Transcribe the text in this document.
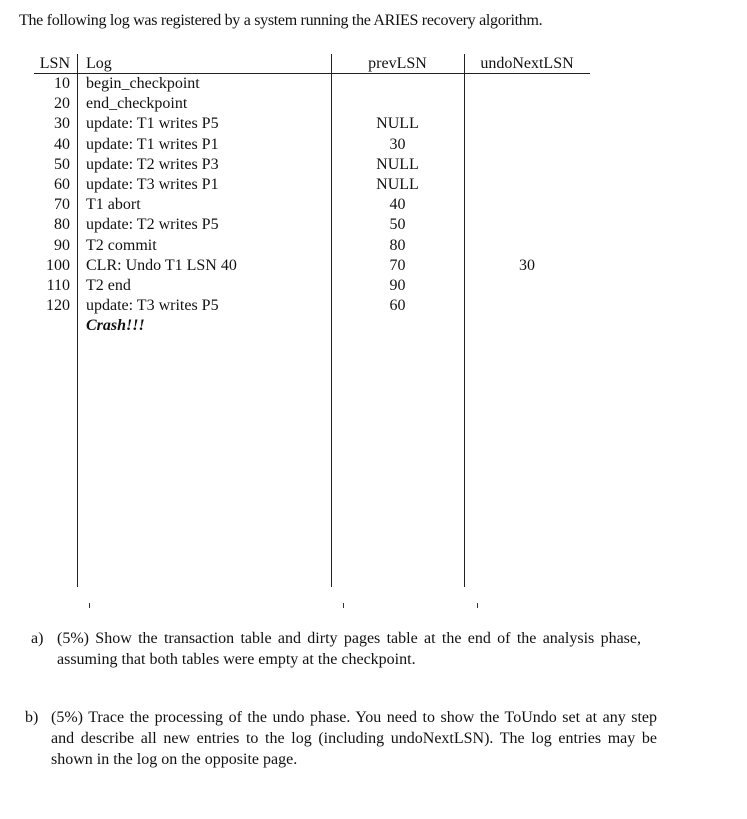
The following log was registered by a system running the ARIES recovery algorithm.
LSN Log	prevLSN	undoNextLSN
10 begin_checkpoint
20 end_checkpoint
30 update: T1 writes P5	NULL
40 update: T1 writes P1	30
50 update: T2 writes P3	NULL
60 update: T3 writes P1	NULL
70 T1 abort	40
80 update: T2 writes P5	50
90 T2 commit	80
100 CLR: Undo T1 LSN 40	70	30
110 T2 end	90
120 update: T3 writes P5	60
Crash!!!
a) (5%) Show the transaction table and dirty pages table at the end of the analysis phase, assuming that both tables were empty at the checkpoint.
b) (5%) Trace the processing of the undo phase. You need to show the ToUndo set at any step and describe all new entries to the log (including undoNextLSN). The log entries may be shown in the log on the opposite page.
